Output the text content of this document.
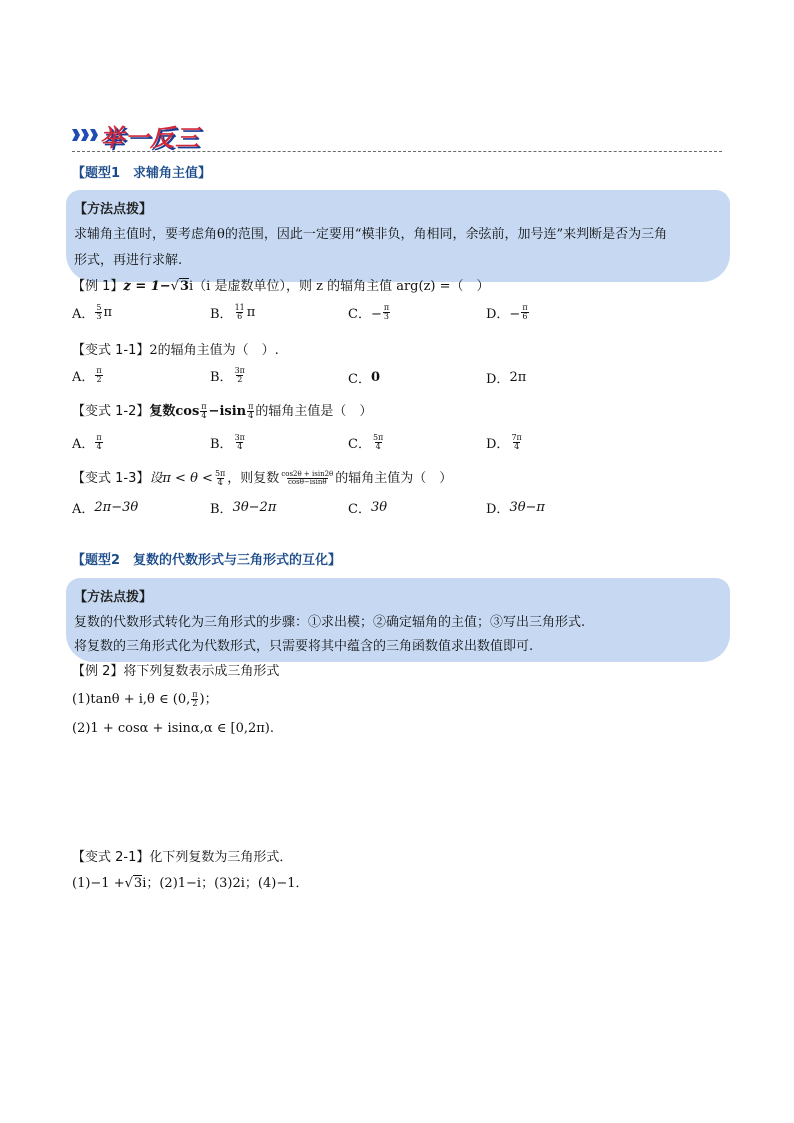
举一反三
【题型1　求辅角主值】
【方法点拨】
求辅角主值时，要考虑角θ的范围，因此一定要用“模非负，角相同，余弦前，加号连”来判断是否为三角
形式，再进行求解.
【例 1】z = 1−√3i（i 是虚数单位），则 z 的辐角主值 arg(z) =（　）
A． $\frac{5}{3}$ π	B． $\frac{11}{6}$ π	C．− $\frac{\pi}{3}$	D．− $\frac{\pi}{6}$
【变式 1-1】2的辐角主值为（　）.
A． $\frac{\pi}{2}$	B． $\frac{3\pi}{2}$	C． 0	D． 2π
【变式 1-2】复数$\cos \frac{\pi}{4} -isin \frac{\pi}{4}$ 的辐角主值是（　）
A． $\frac{\pi}{4}$	B． $\frac{3\pi}{4}$	C． $\frac{5\pi}{4}$	D． $\frac{7\pi}{4}$
【变式 1-3】设$\pi < \theta < \frac{5\pi}{4}$ ，则复数 $\frac{\cos 2\theta + isin2\theta}{\cos\theta-isin\theta}$ 的辐角主值为（　）
A． 2π−3θ	B． 3θ−2π	C． 3θ	D． 3θ−π
【题型2　复数的代数形式与三角形式的互化】
【方法点拨】
复数的代数形式转化为三角形式的步骤：①求出模；②确定辐角的主值；③写出三角形式.
将复数的三角形式化为代数形式，只需要将其中蕴含的三角函数值求出数值即可.
【例 2】将下列复数表示成三角形式
(1)tanθ + i,θ ∈ (0, $\frac{\pi}{2}$ )；
(2)1 + cosα + isinα,α ∈ [0,2π).
【变式 2-1】化下列复数为三角形式．
(1)−1 +√3i；(2)1−i；(3)2i；(4)−1．
